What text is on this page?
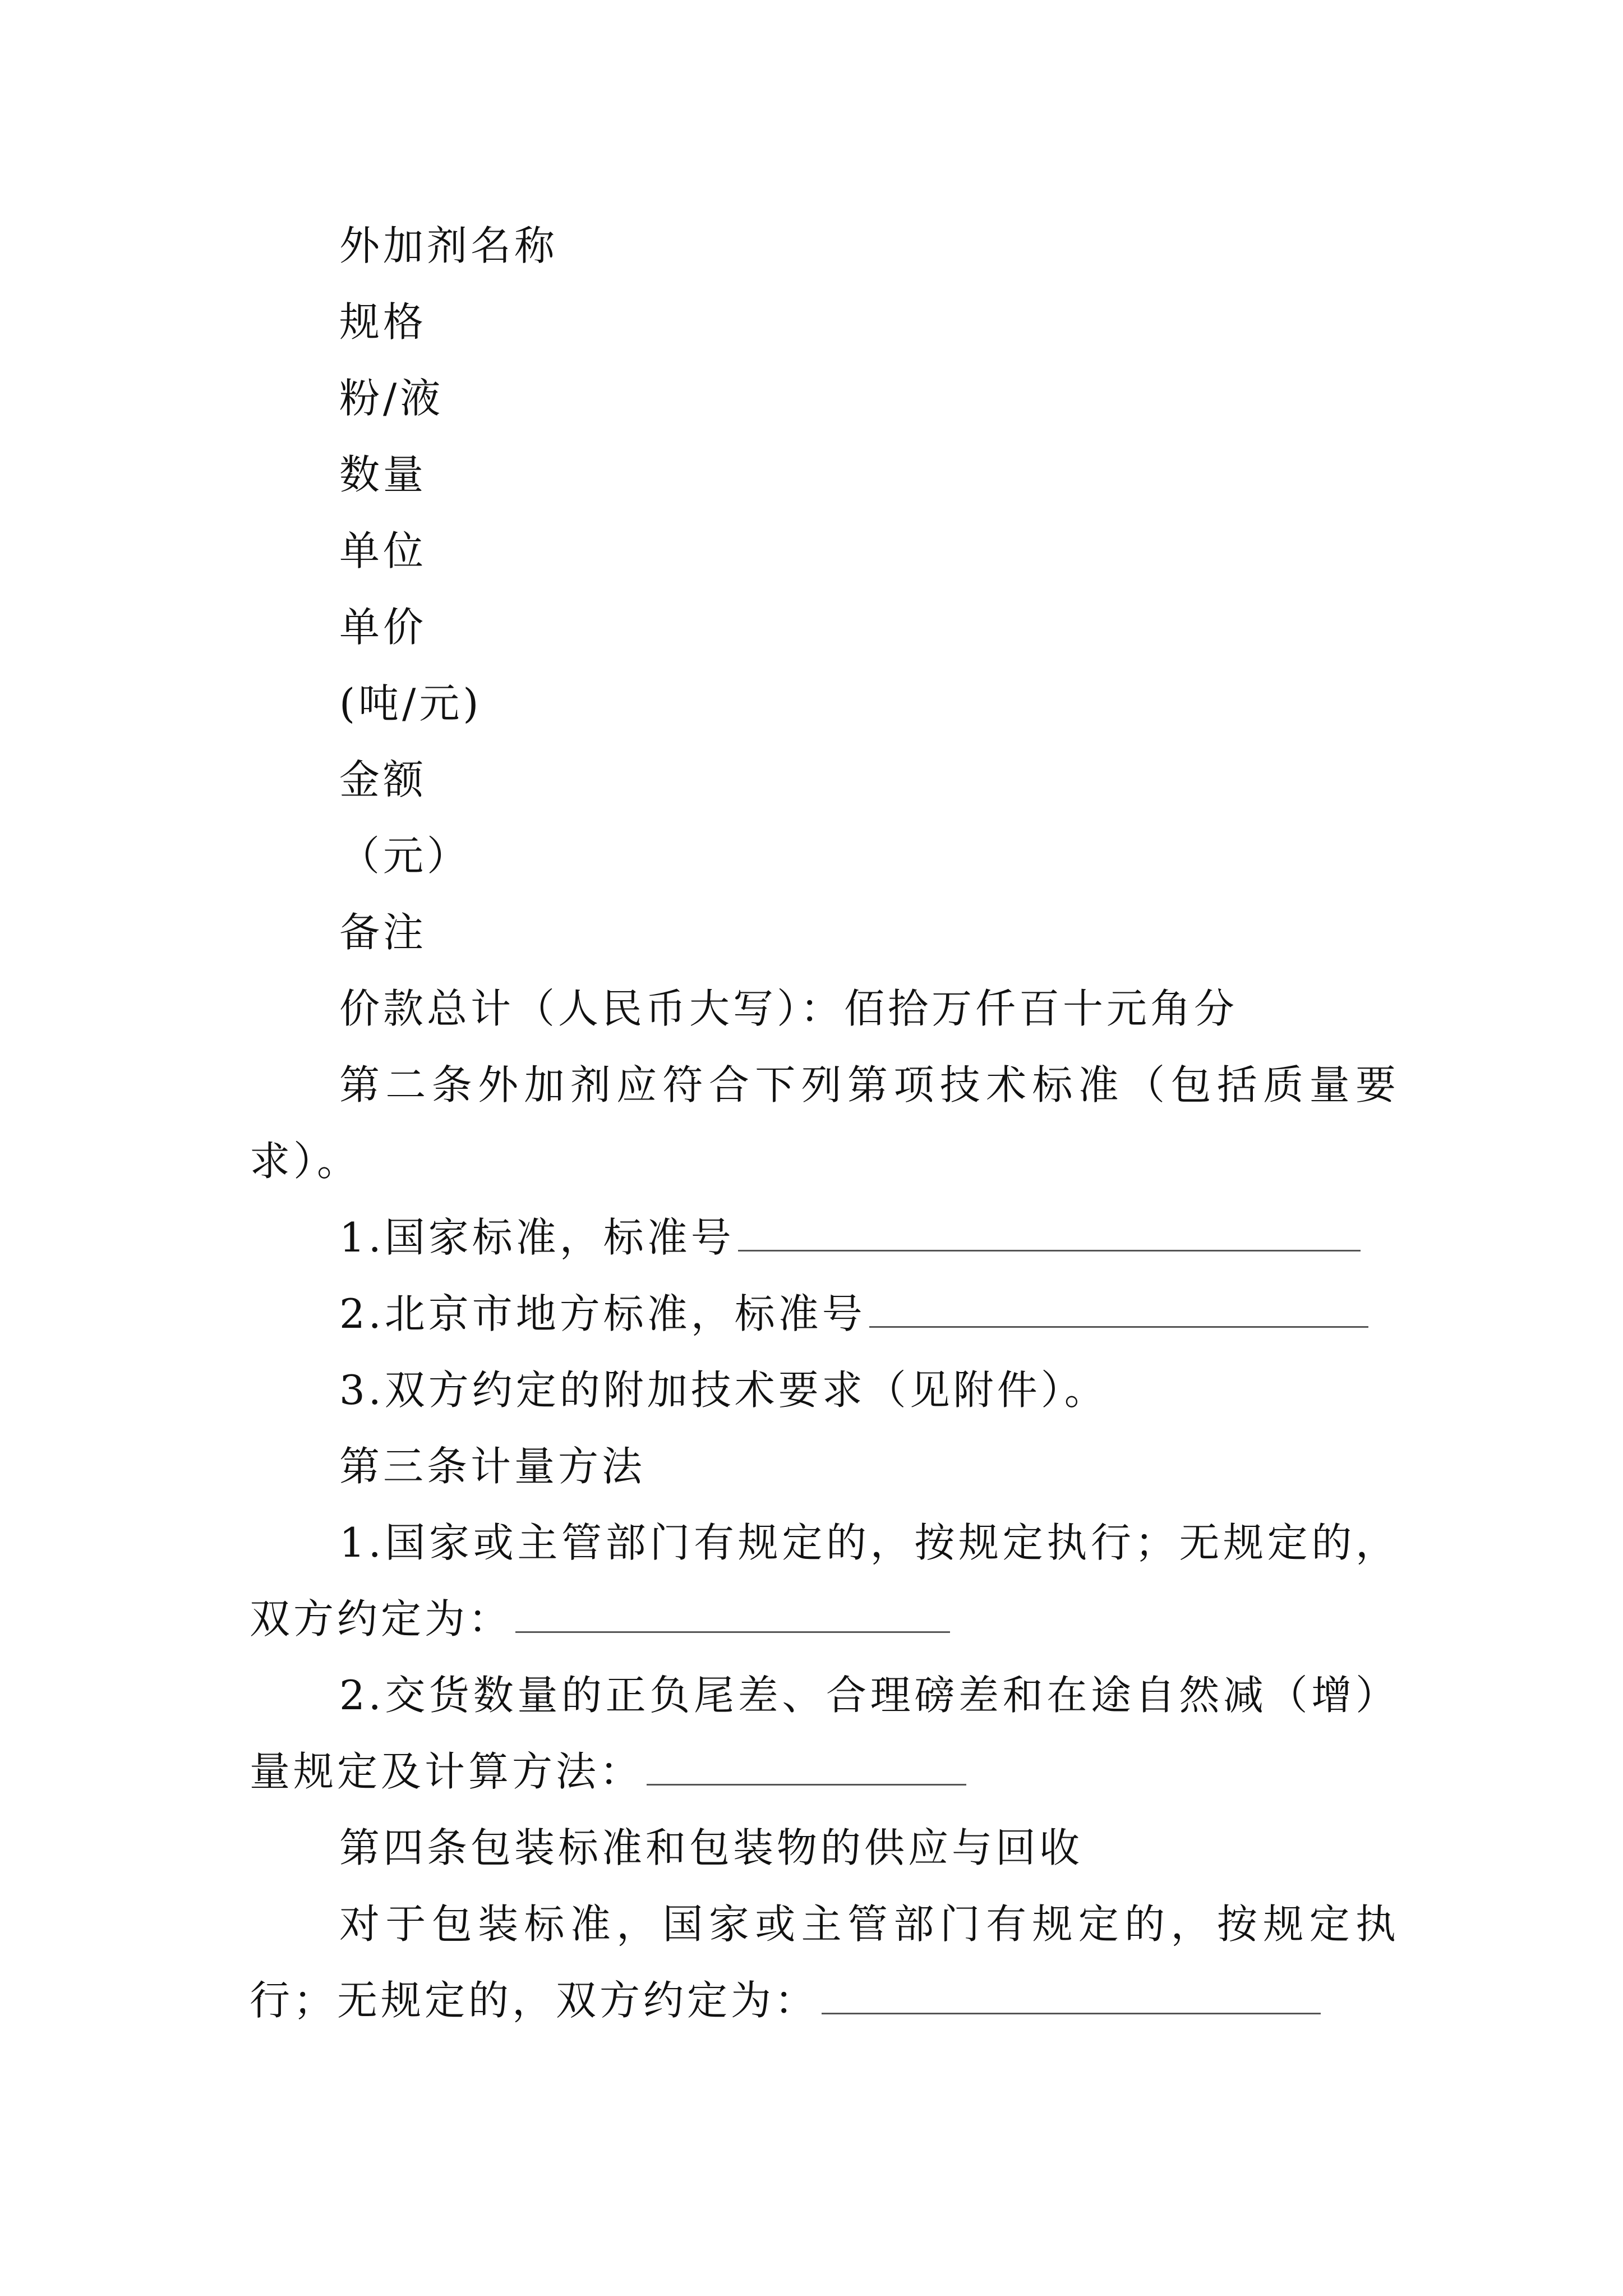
外加剂名称
规格
粉/液
数量
单位
单价
(吨/元)
金额
（元）
备注
价款总计（人民币大写）：佰拾万仟百十元角分
第二条外加剂应符合下列第项技术标准（包括质量要求）。
1.国家标准，标准号
2.北京市地方标准，标准号
3.双方约定的附加技术要求（见附件）。
第三条计量方法
1.国家或主管部门有规定的，按规定执行；无规定的，双方约定为：
2.交货数量的正负尾差、合理磅差和在途自然减（增）量规定及计算方法：
第四条包装标准和包装物的供应与回收
对于包装标准，国家或主管部门有规定的，按规定执行；无规定的，双方约定为：
